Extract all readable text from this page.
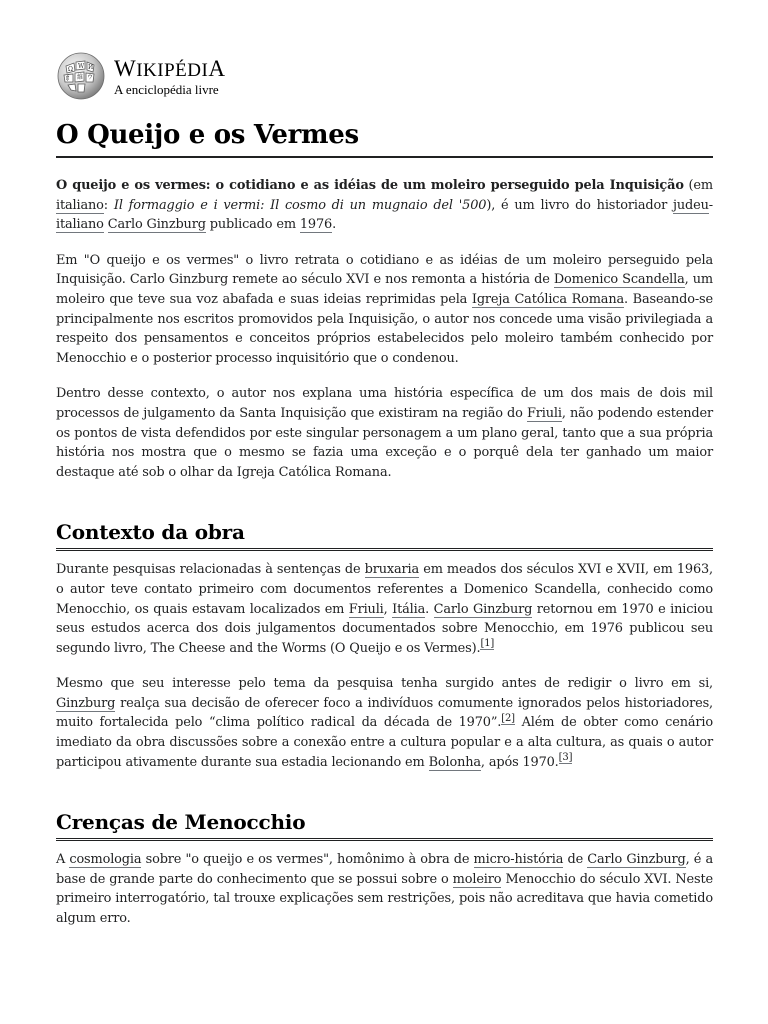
Ω W И
ई 維 ウ WIKIPÉDIA
A enciclopédia livre
O Queijo e os Vermes

O queijo e os vermes: o cotidiano e as idéias de um moleiro perseguido pela Inquisição (em italiano: Il formaggio e i vermi: Il cosmo di un mugnaio del '500), é um livro do historiador judeu-italiano Carlo Ginzburg publicado em 1976.

Em "O queijo e os vermes" o livro retrata o cotidiano e as idéias de um moleiro perseguido pela Inquisição. Carlo Ginzburg remete ao século XVI e nos remonta a história de Domenico Scandella, um moleiro que teve sua voz abafada e suas ideias reprimidas pela Igreja Católica Romana. Baseando-se principalmente nos escritos promovidos pela Inquisição, o autor nos concede uma visão privilegiada a respeito dos pensamentos e conceitos próprios estabelecidos pelo moleiro também conhecido por Menocchio e o posterior processo inquisitório que o condenou.

Dentro desse contexto, o autor nos explana uma história específica de um dos mais de dois mil processos de julgamento da Santa Inquisição que existiram na região do Friuli, não podendo estender os pontos de vista defendidos por este singular personagem a um plano geral, tanto que a sua própria história nos mostra que o mesmo se fazia uma exceção e o porquê dela ter ganhado um maior destaque até sob o olhar da Igreja Católica Romana.

Contexto da obra

Durante pesquisas relacionadas à sentenças de bruxaria em meados dos séculos XVI e XVII, em 1963, o autor teve contato primeiro com documentos referentes a Domenico Scandella, conhecido como Menocchio, os quais estavam localizados em Friuli, Itália. Carlo Ginzburg retornou em 1970 e iniciou seus estudos acerca dos dois julgamentos documentados sobre Menocchio, em 1976 publicou seu segundo livro, The Cheese and the Worms (O Queijo e os Vermes).[1]

Mesmo que seu interesse pelo tema da pesquisa tenha surgido antes de redigir o livro em si, Ginzburg realça sua decisão de oferecer foco a indivíduos comumente ignorados pelos historiadores, muito fortalecida pelo “clima político radical da década de 1970”.[2] Além de obter como cenário imediato da obra discussões sobre a conexão entre a cultura popular e a alta cultura, as quais o autor participou ativamente durante sua estadia lecionando em Bolonha, após 1970.[3]

Crenças de Menocchio

A cosmologia sobre "o queijo e os vermes", homônimo à obra de micro-história de Carlo Ginzburg, é a base de grande parte do conhecimento que se possui sobre o moleiro Menocchio do século XVI. Neste primeiro interrogatório, tal trouxe explicações sem restrições, pois não acreditava que havia cometido algum erro.
